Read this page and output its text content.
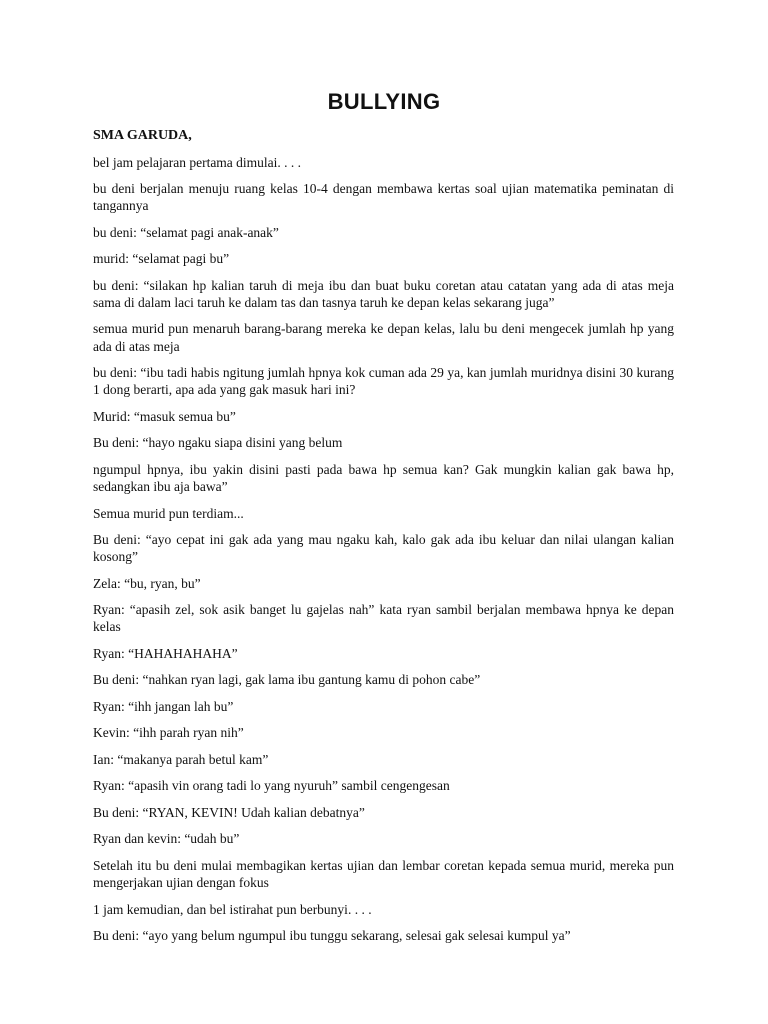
BULLYING

SMA GARUDA,

bel jam pelajaran pertama dimulai. . . .

bu deni berjalan menuju ruang kelas 10-4 dengan membawa kertas soal ujian matematika peminatan di tangannya

bu deni: “selamat pagi anak-anak”

murid: “selamat pagi bu”

bu deni: “silakan hp kalian taruh di meja ibu dan buat buku coretan atau catatan yang ada di atas meja sama di dalam laci taruh ke dalam tas dan tasnya taruh ke depan kelas sekarang juga”

semua murid pun menaruh barang-barang mereka ke depan kelas, lalu bu deni mengecek jumlah hp yang ada di atas meja

bu deni: “ibu tadi habis ngitung jumlah hpnya kok cuman ada 29 ya, kan jumlah muridnya disini 30 kurang 1 dong berarti, apa ada yang gak masuk hari ini?

Murid: “masuk semua bu”

Bu deni: “hayo ngaku siapa disini yang belum

ngumpul hpnya, ibu yakin disini pasti pada bawa hp semua kan? Gak mungkin kalian gak bawa hp, sedangkan ibu aja bawa”

Semua murid pun terdiam...

Bu deni: “ayo cepat ini gak ada yang mau ngaku kah, kalo gak ada ibu keluar dan nilai ulangan kalian kosong”

Zela: “bu, ryan, bu”

Ryan: “apasih zel, sok asik banget lu gajelas nah” kata ryan sambil berjalan membawa hpnya ke depan kelas

Ryan: “HAHAHAHAHA”

Bu deni: “nahkan ryan lagi, gak lama ibu gantung kamu di pohon cabe”

Ryan: “ihh jangan lah bu”

Kevin: “ihh parah ryan nih”

Ian: “makanya parah betul kam”

Ryan: “apasih vin orang tadi lo yang nyuruh” sambil cengengesan

Bu deni: “RYAN, KEVIN! Udah kalian debatnya”

Ryan dan kevin: “udah bu”

Setelah itu bu deni mulai membagikan kertas ujian dan lembar coretan kepada semua murid, mereka pun mengerjakan ujian dengan fokus

1 jam kemudian, dan bel istirahat pun berbunyi. . . .

Bu deni: “ayo yang belum ngumpul ibu tunggu sekarang, selesai gak selesai kumpul ya”
